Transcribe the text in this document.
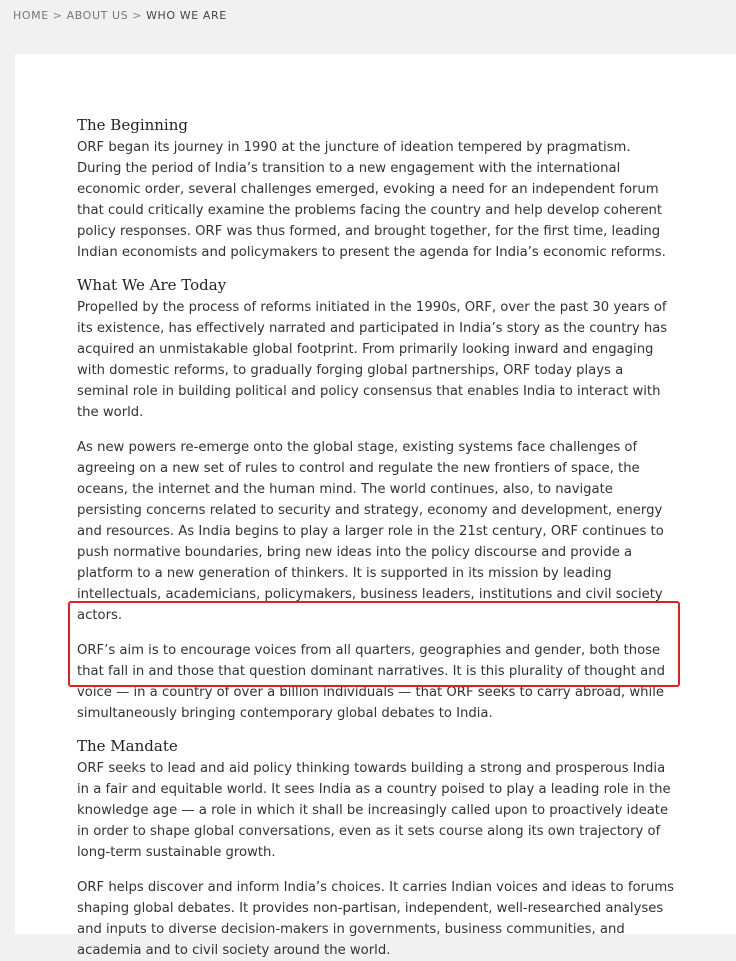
HOME > ABOUT US > WHO WE ARE
The Beginning

ORF began its journey in 1990 at the juncture of ideation tempered by pragmatism. During the period of India’s transition to a new engagement with the international economic order, several challenges emerged, evoking a need for an independent forum that could critically examine the problems facing the country and help develop coherent policy responses. ORF was thus formed, and brought together, for the first time, leading Indian economists and policymakers to present the agenda for India’s economic reforms.

What We Are Today

Propelled by the process of reforms initiated in the 1990s, ORF, over the past 30 years of its existence, has effectively narrated and participated in India’s story as the country has acquired an unmistakable global footprint. From primarily looking inward and engaging with domestic reforms, to gradually forging global partnerships, ORF today plays a seminal role in building political and policy consensus that enables India to interact with the world.

As new powers re-emerge onto the global stage, existing systems face challenges of agreeing on a new set of rules to control and regulate the new frontiers of space, the oceans, the internet and the human mind. The world continues, also, to navigate persisting concerns related to security and strategy, economy and development, energy and resources. As India begins to play a larger role in the 21st century, ORF continues to push normative boundaries, bring new ideas into the policy discourse and provide a platform to a new generation of thinkers. It is supported in its mission by leading intellectuals, academicians, policymakers, business leaders, institutions and civil society actors.

ORF’s aim is to encourage voices from all quarters, geographies and gender, both those that fall in and those that question dominant narratives. It is this plurality of thought and voice — in a country of over a billion individuals — that ORF seeks to carry abroad, while simultaneously bringing contemporary global debates to India.

The Mandate

ORF seeks to lead and aid policy thinking towards building a strong and prosperous India in a fair and equitable world. It sees India as a country poised to play a leading role in the knowledge age — a role in which it shall be increasingly called upon to proactively ideate in order to shape global conversations, even as it sets course along its own trajectory of long-term sustainable growth.

ORF helps discover and inform India’s choices. It carries Indian voices and ideas to forums shaping global debates. It provides non-partisan, independent, well-researched analyses and inputs to diverse decision-makers in governments, business communities, and academia and to civil society around the world.
